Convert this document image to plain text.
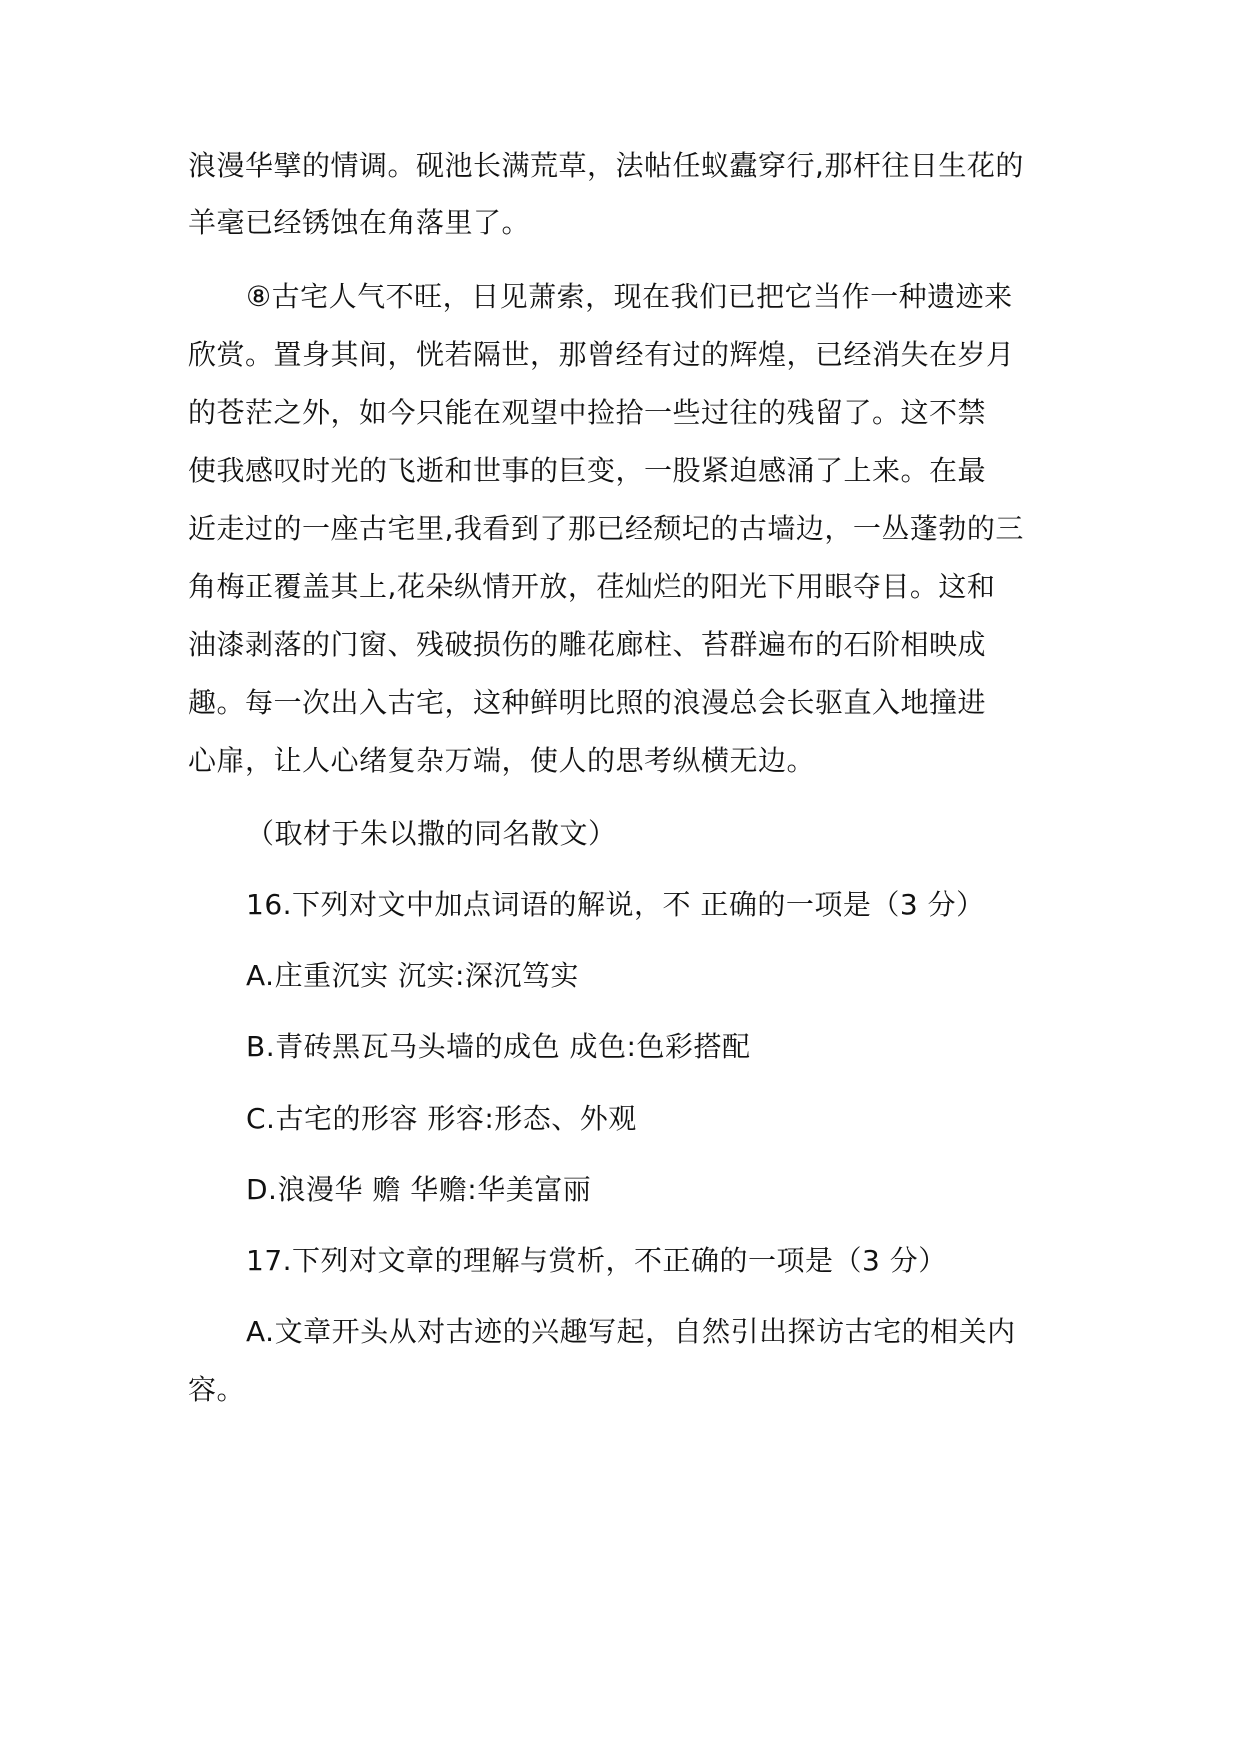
浪漫华擘的情调。砚池长满荒草，法帖任蚁蠹穿行,那杆往日生花的
羊毫已经锈蚀在角落里了。
⑧古宅人气不旺，日见萧索，现在我们已把它当作一种遗迹来
欣赏。置身其间，恍若隔世，那曾经有过的辉煌，已经消失在岁月
的苍茫之外，如今只能在观望中捡拾一些过往的残留了。这不禁
使我感叹时光的飞逝和世事的巨变，一股紧迫感涌了上来。在最
近走过的一座古宅里,我看到了那已经颓圮的古墙边，一丛蓬勃的三
角梅正覆盖其上,花朵纵情开放，荏灿烂的阳光下用眼夺目。这和
油漆剥落的门窗、残破损伤的雕花廊柱、苔群遍布的石阶相映成
趣。每一次出入古宅，这种鲜明比照的浪漫总会长驱直入地撞进
心扉，让人心绪复杂万端，使人的思考纵横无边。
（取材于朱以撒的同名散文）
16.下列对文中加点词语的解说，不 正确的一项是（3 分）
A.庄重沉实 沉实:深沉笃实
B.青砖黑瓦马头墙的成色 成色:色彩搭配
C.古宅的形容 形容:形态、外观
D.浪漫华 赡 华赡:华美富丽
17.下列对文章的理解与赏析，不正确的一项是（3 分）
A.文章开头从对古迹的兴趣写起，自然引出探访古宅的相关内
容。
